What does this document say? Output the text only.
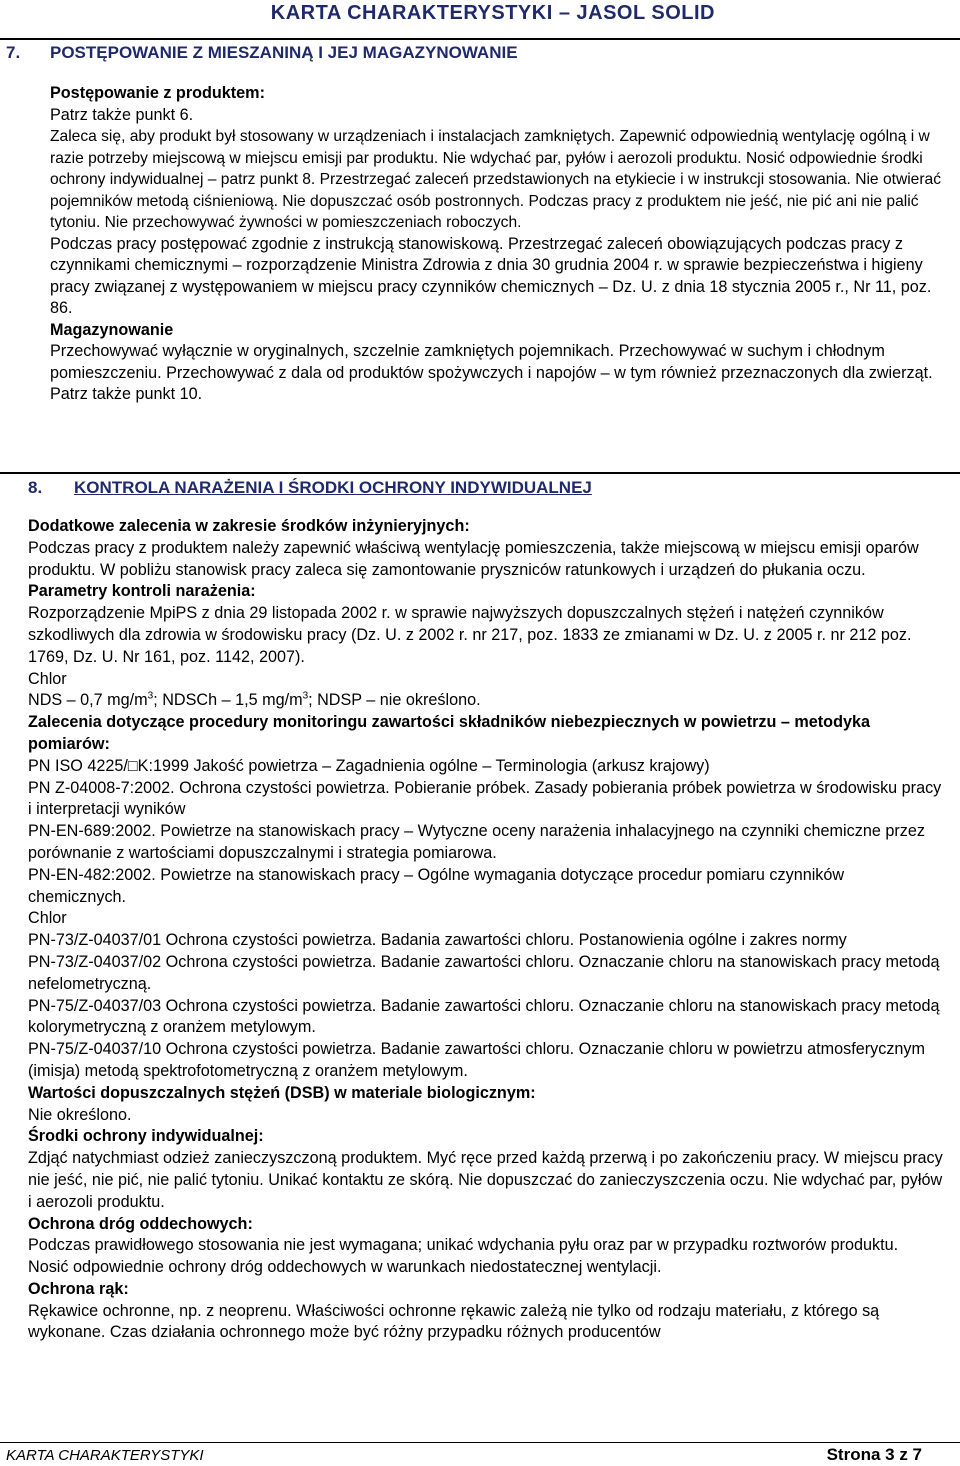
KARTA CHARAKTERYSTYKI – JASOL SOLID
7. POSTĘPOWANIE Z MIESZANINĄ I JEJ MAGAZYNOWANIE

Postępowanie z produktem:

Patrz także punkt 6.

Zaleca się, aby produkt był stosowany w urządzeniach i instalacjach zamkniętych. Zapewnić odpowiednią wentylację ogólną i w razie potrzeby miejscową w miejscu emisji par produktu. Nie wdychać par, pyłów i aerozoli produktu. Nosić odpowiednie środki ochrony indywidualnej – patrz punkt 8. Przestrzegać zaleceń przedstawionych na etykiecie i w instrukcji stosowania. Nie otwierać pojemników metodą ciśnieniową. Nie dopuszczać osób postronnych. Podczas pracy z produktem nie jeść, nie pić ani nie palić tytoniu. Nie przechowywać żywności w pomieszczeniach roboczych.

Podczas pracy postępować zgodnie z instrukcją stanowiskową. Przestrzegać zaleceń obowiązujących podczas pracy z czynnikami chemicznymi – rozporządzenie Ministra Zdrowia z dnia 30 grudnia 2004 r. w sprawie bezpieczeństwa i higieny pracy związanej z występowaniem w miejscu pracy czynników chemicznych – Dz. U. z dnia 18 stycznia 2005 r., Nr 11, poz. 86.

Magazynowanie

Przechowywać wyłącznie w oryginalnych, szczelnie zamkniętych pojemnikach. Przechowywać w suchym i chłodnym pomieszczeniu. Przechowywać z dala od produktów spożywczych i napojów – w tym również przeznaczonych dla zwierząt. Patrz także punkt 10.

8. KONTROLA NARAŻENIA I ŚRODKI OCHRONY INDYWIDUALNEJ

Dodatkowe zalecenia w zakresie środków inżynieryjnych:

Podczas pracy z produktem należy zapewnić właściwą wentylację pomieszczenia, także miejscową w miejscu emisji oparów produktu. W pobliżu stanowisk pracy zaleca się zamontowanie pryszniców ratunkowych i urządzeń do płukania oczu.

Parametry kontroli narażenia:

Rozporządzenie MpiPS z dnia 29 listopada 2002 r. w sprawie najwyższych dopuszczalnych stężeń i natężeń czynników szkodliwych dla zdrowia w środowisku pracy (Dz. U. z 2002 r. nr 217, poz. 1833 ze zmianami w Dz. U. z 2005 r. nr 212 poz. 1769, Dz. U. Nr 161, poz. 1142, 2007).

Chlor

NDS – 0,7 $mg/m^3$; NDSCh – 1,5 $mg/m^3$; NDSP – nie określono.

Zalecenia dotyczące procedury monitoringu zawartości składników niebezpiecznych w powietrzu – metodyka pomiarów:

PN ISO 4225/□K:1999 Jakość powietrza – Zagadnienia ogólne – Terminologia (arkusz krajowy)

PN Z-04008-7:2002. Ochrona czystości powietrza. Pobieranie próbek. Zasady pobierania próbek powietrza w środowisku pracy i interpretacji wyników

PN-EN-689:2002. Powietrze na stanowiskach pracy – Wytyczne oceny narażenia inhalacyjnego na czynniki chemiczne przez porównanie z wartościami dopuszczalnymi i strategia pomiarowa.

PN-EN-482:2002. Powietrze na stanowiskach pracy – Ogólne wymagania dotyczące procedur pomiaru czynników chemicznych.

Chlor

PN-73/Z-04037/01 Ochrona czystości powietrza. Badania zawartości chloru. Postanowienia ogólne i zakres normy

PN-73/Z-04037/02 Ochrona czystości powietrza. Badanie zawartości chloru. Oznaczanie chloru na stanowiskach pracy metodą nefelometryczną.

PN-75/Z-04037/03 Ochrona czystości powietrza. Badanie zawartości chloru. Oznaczanie chloru na stanowiskach pracy metodą kolorymetryczną z oranżem metylowym.

PN-75/Z-04037/10 Ochrona czystości powietrza. Badanie zawartości chloru. Oznaczanie chloru w powietrzu atmosferycznym (imisja) metodą spektrofotometryczną z oranżem metylowym.

Wartości dopuszczalnych stężeń (DSB) w materiale biologicznym:

Nie określono.

Środki ochrony indywidualnej:

Zdjąć natychmiast odzież zanieczyszczoną produktem. Myć ręce przed każdą przerwą i po zakończeniu pracy. W miejscu pracy nie jeść, nie pić, nie palić tytoniu. Unikać kontaktu ze skórą. Nie dopuszczać do zanieczyszczenia oczu. Nie wdychać par, pyłów i aerozoli produktu.

Ochrona dróg oddechowych:

Podczas prawidłowego stosowania nie jest wymagana; unikać wdychania pyłu oraz par w przypadku roztworów produktu. Nosić odpowiednie ochrony dróg oddechowych w warunkach niedostatecznej wentylacji.

Ochrona rąk:

Rękawice ochronne, np. z neoprenu. Właściwości ochronne rękawic zależą nie tylko od rodzaju materiału, z którego są wykonane. Czas działania ochronnego może być różny przypadku różnych producentów

KARTA CHARAKTERYSTYKI	Strona 3 z 7
